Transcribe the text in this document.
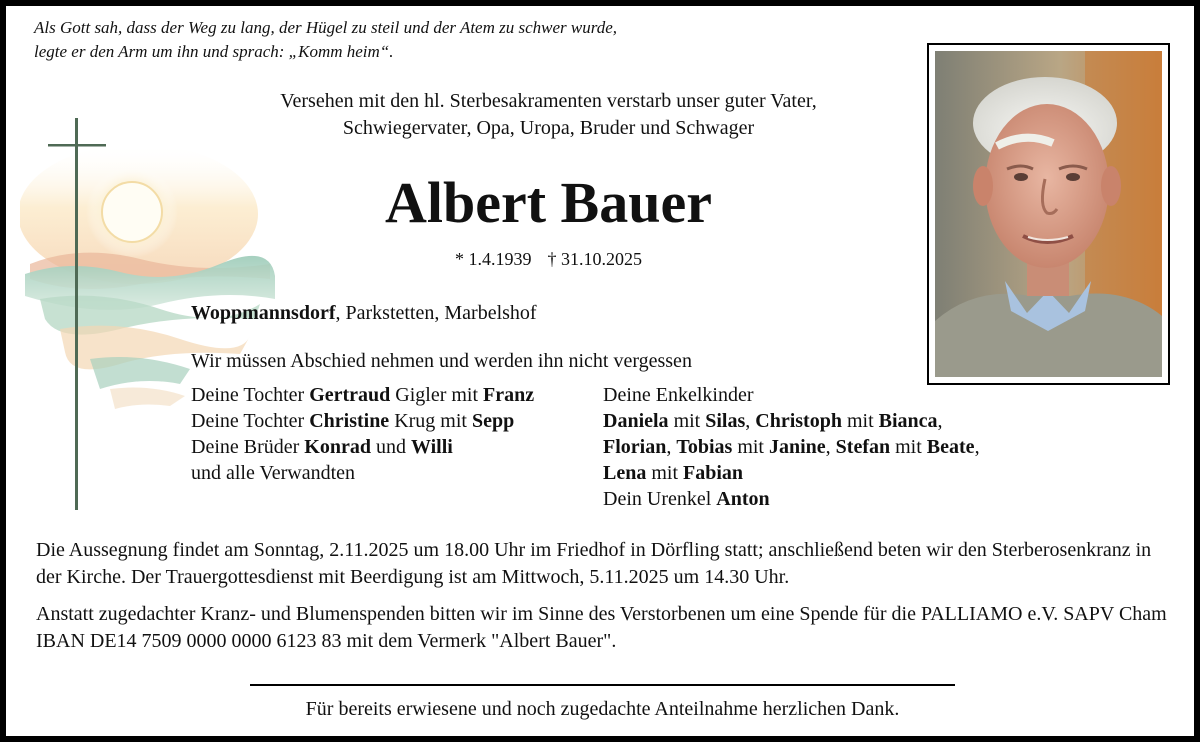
Als Gott sah, dass der Weg zu lang, der Hügel zu steil und der Atem zu schwer wurde,
legte er den Arm um ihn und sprach: „Komm heim“.
Versehen mit den hl. Sterbesakramenten verstarb unser guter Vater,
Schwiegervater, Opa, Uropa, Bruder und Schwager
Albert Bauer
* 1.4.1939 † 31.10.2025
Woppmannsdorf, Parkstetten, Marbelshof
Wir müssen Abschied nehmen und werden ihn nicht vergessen
Deine Tochter Gertraud Gigler mit Franz
Deine Tochter Christine Krug mit Sepp
Deine Brüder Konrad und Willi
und alle Verwandten
Deine Enkelkinder
Daniela mit Silas, Christoph mit Bianca,
Florian, Tobias mit Janine, Stefan mit Beate,
Lena mit Fabian
Dein Urenkel Anton

Die Aussegnung findet am Sonntag, 2.11.2025 um 18.00 Uhr im Friedhof in Dörfling statt; anschließend beten wir den Sterberosenkranz in der Kirche. Der Trauergottesdienst mit Beerdigung ist am Mittwoch, 5.11.2025 um 14.30 Uhr.

Anstatt zugedachter Kranz- und Blumenspenden bitten wir im Sinne des Verstorbenen um eine Spende für die PALLIAMO e.V. SAPV Cham IBAN DE14 7509 0000 0000 6123 83 mit dem Vermerk "Albert Bauer".

Für bereits erwiesene und noch zugedachte Anteilnahme herzlichen Dank.
